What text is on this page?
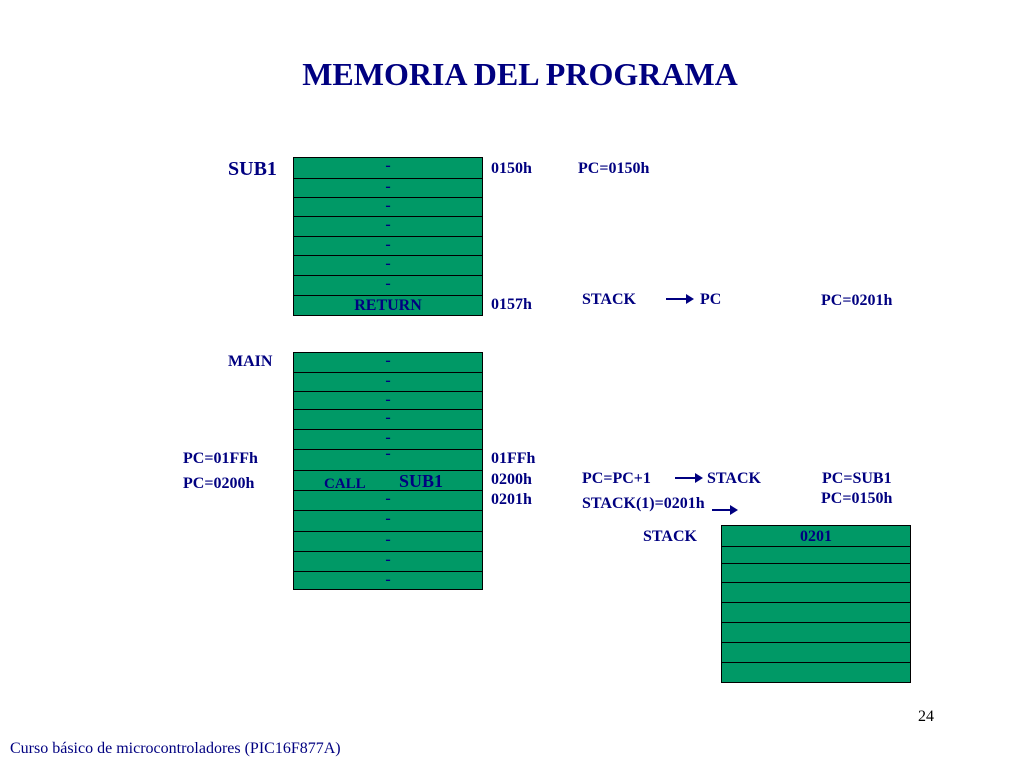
MEMORIA DEL PROGRAMA
SUB1	-
-
-
-
-
-
-
RETURN
0150h
0157h
PC=0150h
STACK	PC	PC=0201h
MAIN	-
-
-
-
-
-
CALL SUB1
-
-
-
-
-
PC=01FFh
PC=0200h
01FFh
0200h
0201h
PC=PC+1	STACK	PC=SUB1
STACK(1)=0201h	PC=0150h
STACK	0201
24
Curso básico de microcontroladores (PIC16F877A)
